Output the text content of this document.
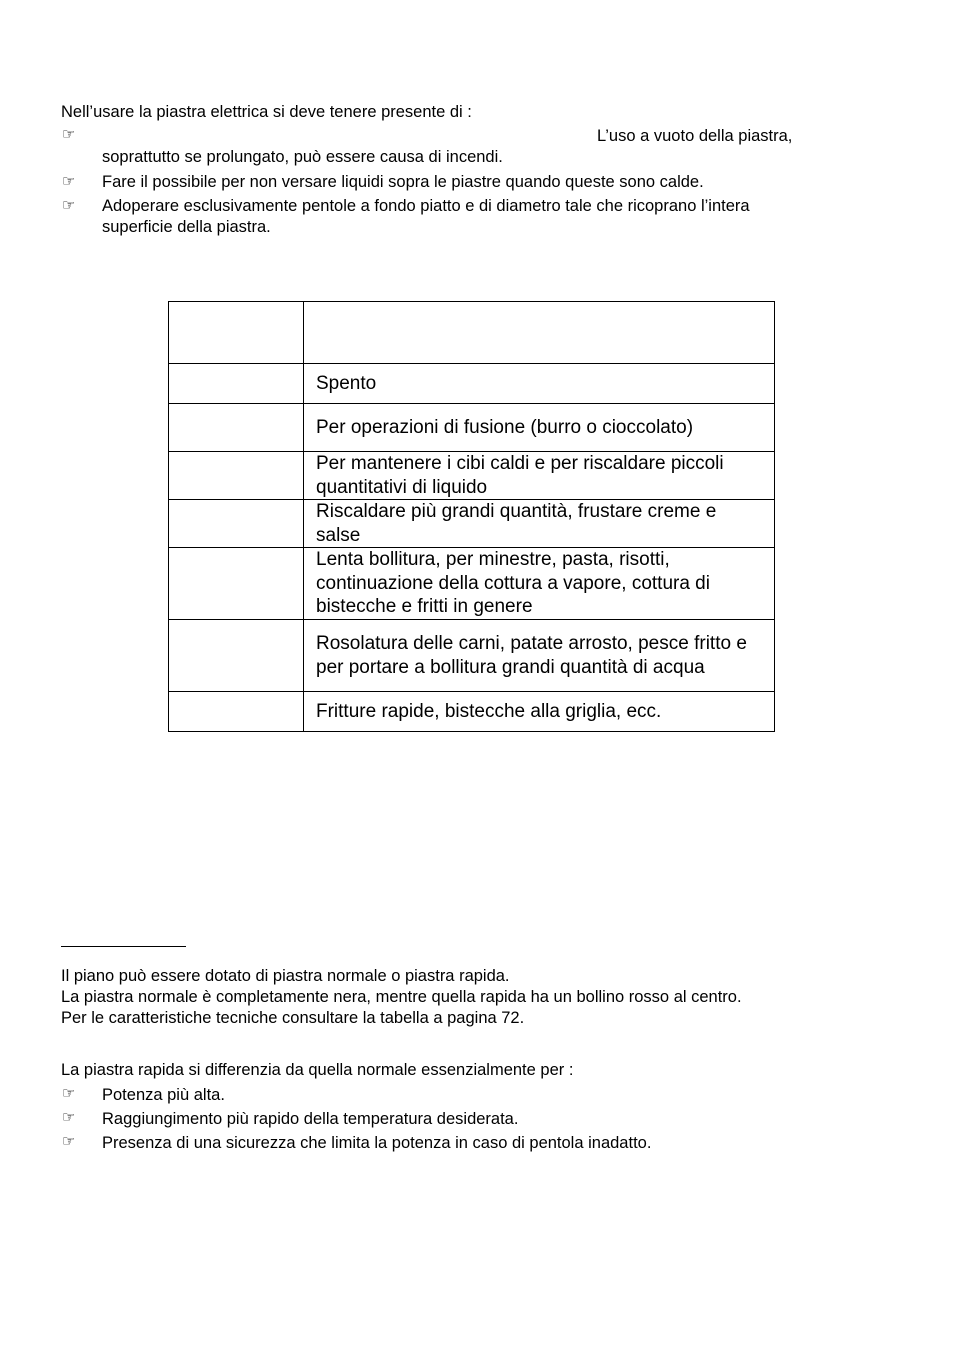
Nell’usare la piastra elettrica si deve tenere presente di :
☞	L’uso a vuoto della piastra,
soprattutto se prolungato, può essere causa di incendi.
☞ Fare il possibile per non versare liquidi sopra le piastre quando queste sono calde.
☞ Adoperare esclusivamente pentole a fondo piatto e di diametro tale che ricoprano l’intera
superficie della piastra.

	Spento
	Per operazioni di fusione (burro o cioccolato)
	Per mantenere i cibi caldi e per riscaldare piccoli quantitativi di liquido
	Riscaldare più grandi quantità, frustare creme e salse
	Lenta bollitura, per minestre, pasta, risotti, continuazione della cottura a vapore, cottura di bistecche e fritti in genere
	Rosolatura delle carni, patate arrosto, pesce fritto e per portare a bollitura grandi quantità di acqua
	Fritture rapide, bistecche alla griglia, ecc.
Il piano può essere dotato di piastra normale o piastra rapida.
La piastra normale è completamente nera, mentre quella rapida ha un bollino rosso al centro.
Per le caratteristiche tecniche consultare la tabella a pagina 72.
La piastra rapida si differenzia da quella normale essenzialmente per :
☞ Potenza più alta.
☞ Raggiungimento più rapido della temperatura desiderata.
☞ Presenza di una sicurezza che limita la potenza in caso di pentola inadatto.
